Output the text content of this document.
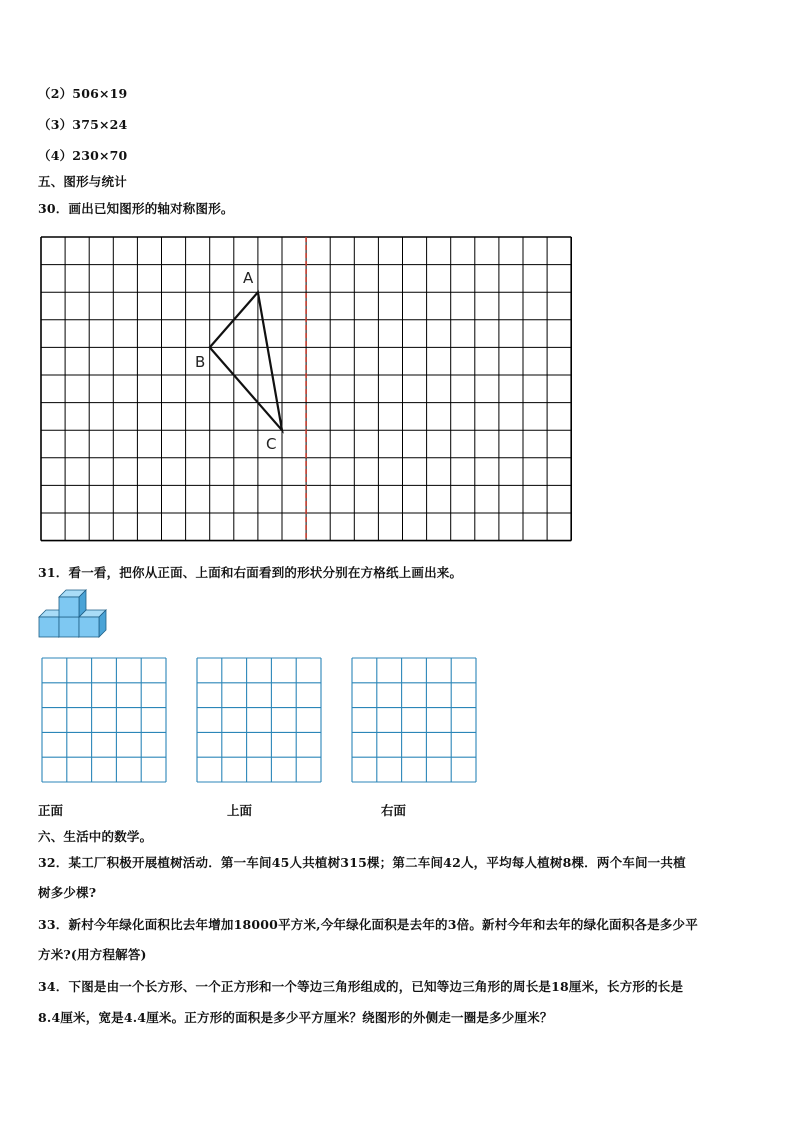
（2）506×19
（3）375×24
（4）230×70
五、图形与统计
30．画出已知图形的轴对称图形。
A
B
C
31．看一看，把你从正面、上面和右面看到的形状分别在方格纸上画出来。
正面	上面	右面
六、生活中的数学。
32．某工厂积极开展植树活动．第一车间45人共植树315棵；第二车间42人，平均每人植树8棵．两个车间一共植
树多少棵?
33．新村今年绿化面积比去年增加18000平方米,今年绿化面积是去年的3倍。新村今年和去年的绿化面积各是多少平
方米?(用方程解答)
34．下图是由一个长方形、一个正方形和一个等边三角形组成的，已知等边三角形的周长是18厘米，长方形的长是
8.4厘米，宽是4.4厘米。正方形的面积是多少平方厘米？绕图形的外侧走一圈是多少厘米？
